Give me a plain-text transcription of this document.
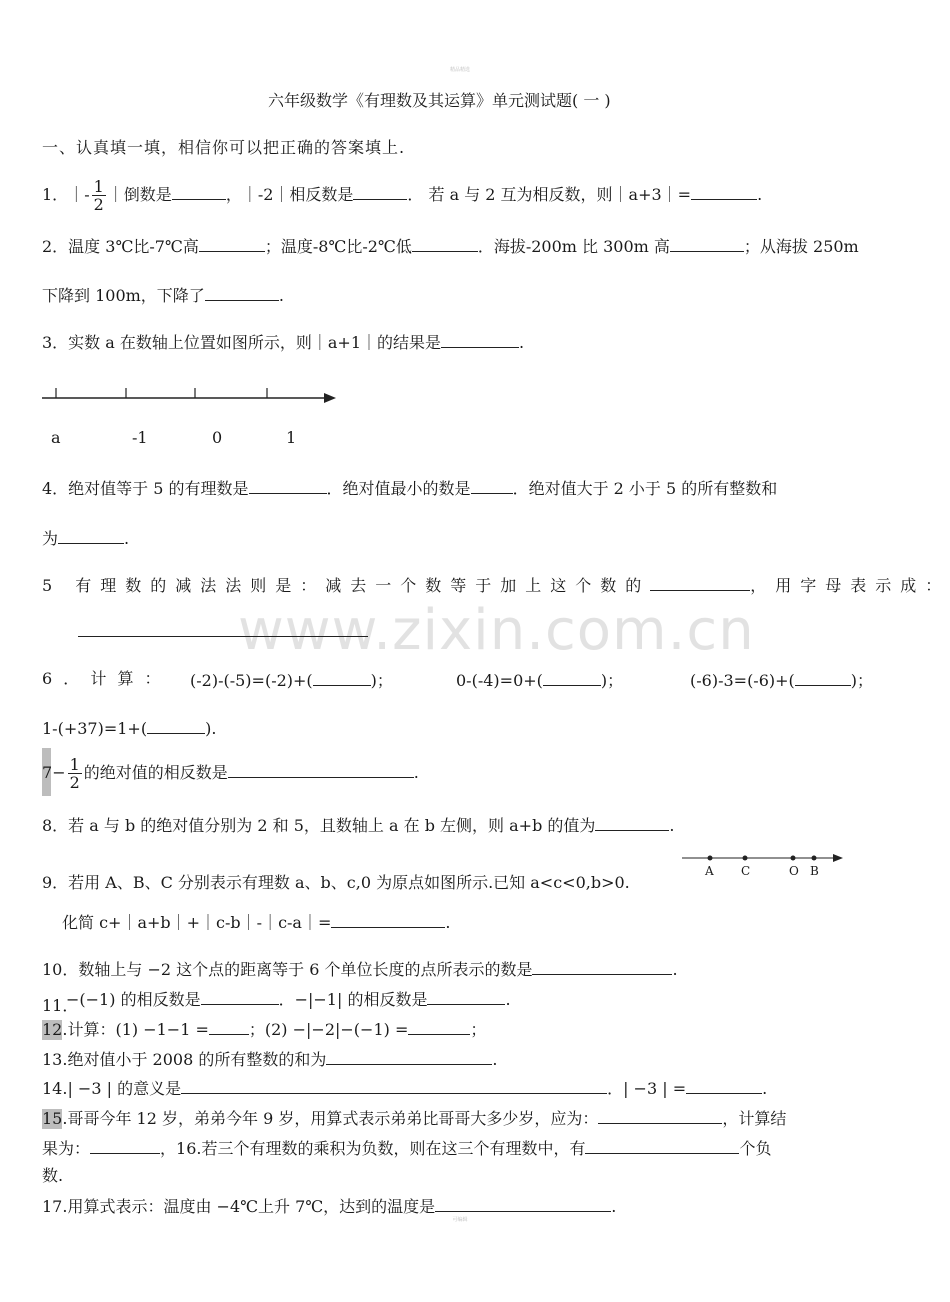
精品精选
www.zixin.com.cn
六年级数学《有理数及其运算》单元测试题( 一 )
一、认真填一填，相信你可以把正确的答案填上.
1．｜- $\frac{1}{2}$ ｜倒数是	，｜-2｜相反数是	． 若 a 与 2 互为相反数，则｜a+3｜=	.
2．温度 3℃比-7℃高	；温度-8℃比-2℃低	．海拔-200m 比 300m 高	；从海拔 250m
下降到 100m，下降了	.
3．实数 a 在数轴上位置如图所示，则｜a+1｜的结果是	.
a	-1	0	1
4．绝对值等于 5 的有理数是	．绝对值最小的数是	．绝对值大于 2 小于 5 的所有整数和
为	.
5 有理数的减法法则是：减去一个数等于加上这个数的	，用字母表示成：
6 ． 计 算 ： (-2)-(-5)=(-2)+(	)；	0-(-4)=0+(	)；	(-6)-3=(-6)+(	)；
1-(+37)=1+(	).
$7- \frac{1}{2}$ 的绝对值的相反数是	.
8．若 a 与 b 的绝对值分别为 2 和 5，且数轴上 a 在 b 左侧，则 a+b 的值为	.
A C	O B
9．若用 A、B、C 分别表示有理数 a、b、c,0 为原点如图所示.已知 a<c<0,b>0.
化简 c+｜a+b｜+｜c-b｜-｜c-a｜=	.
10．数轴上与 −2 这个点的距离等于 6 个单位长度的点所表示的数是	.
11．
−(−1) 的相反数是	．−|−1| 的相反数是	.
12.计算：(1) −1−1 =	；(2) −|−2|−(−1) =	；
13.绝对值小于 2008 的所有整数的和为	.
14.| −3 | 的意义是	．| −3 | =	.
15.哥哥今年 12 岁，弟弟今年 9 岁，用算式表示弟弟比哥哥大多少岁，应为：	，计算结
果为：	，16.若三个有理数的乘积为负数，则在这三个有理数中，有	个负
数.
17.用算式表示：温度由 −4℃上升 7℃，达到的温度是	.
可编辑
